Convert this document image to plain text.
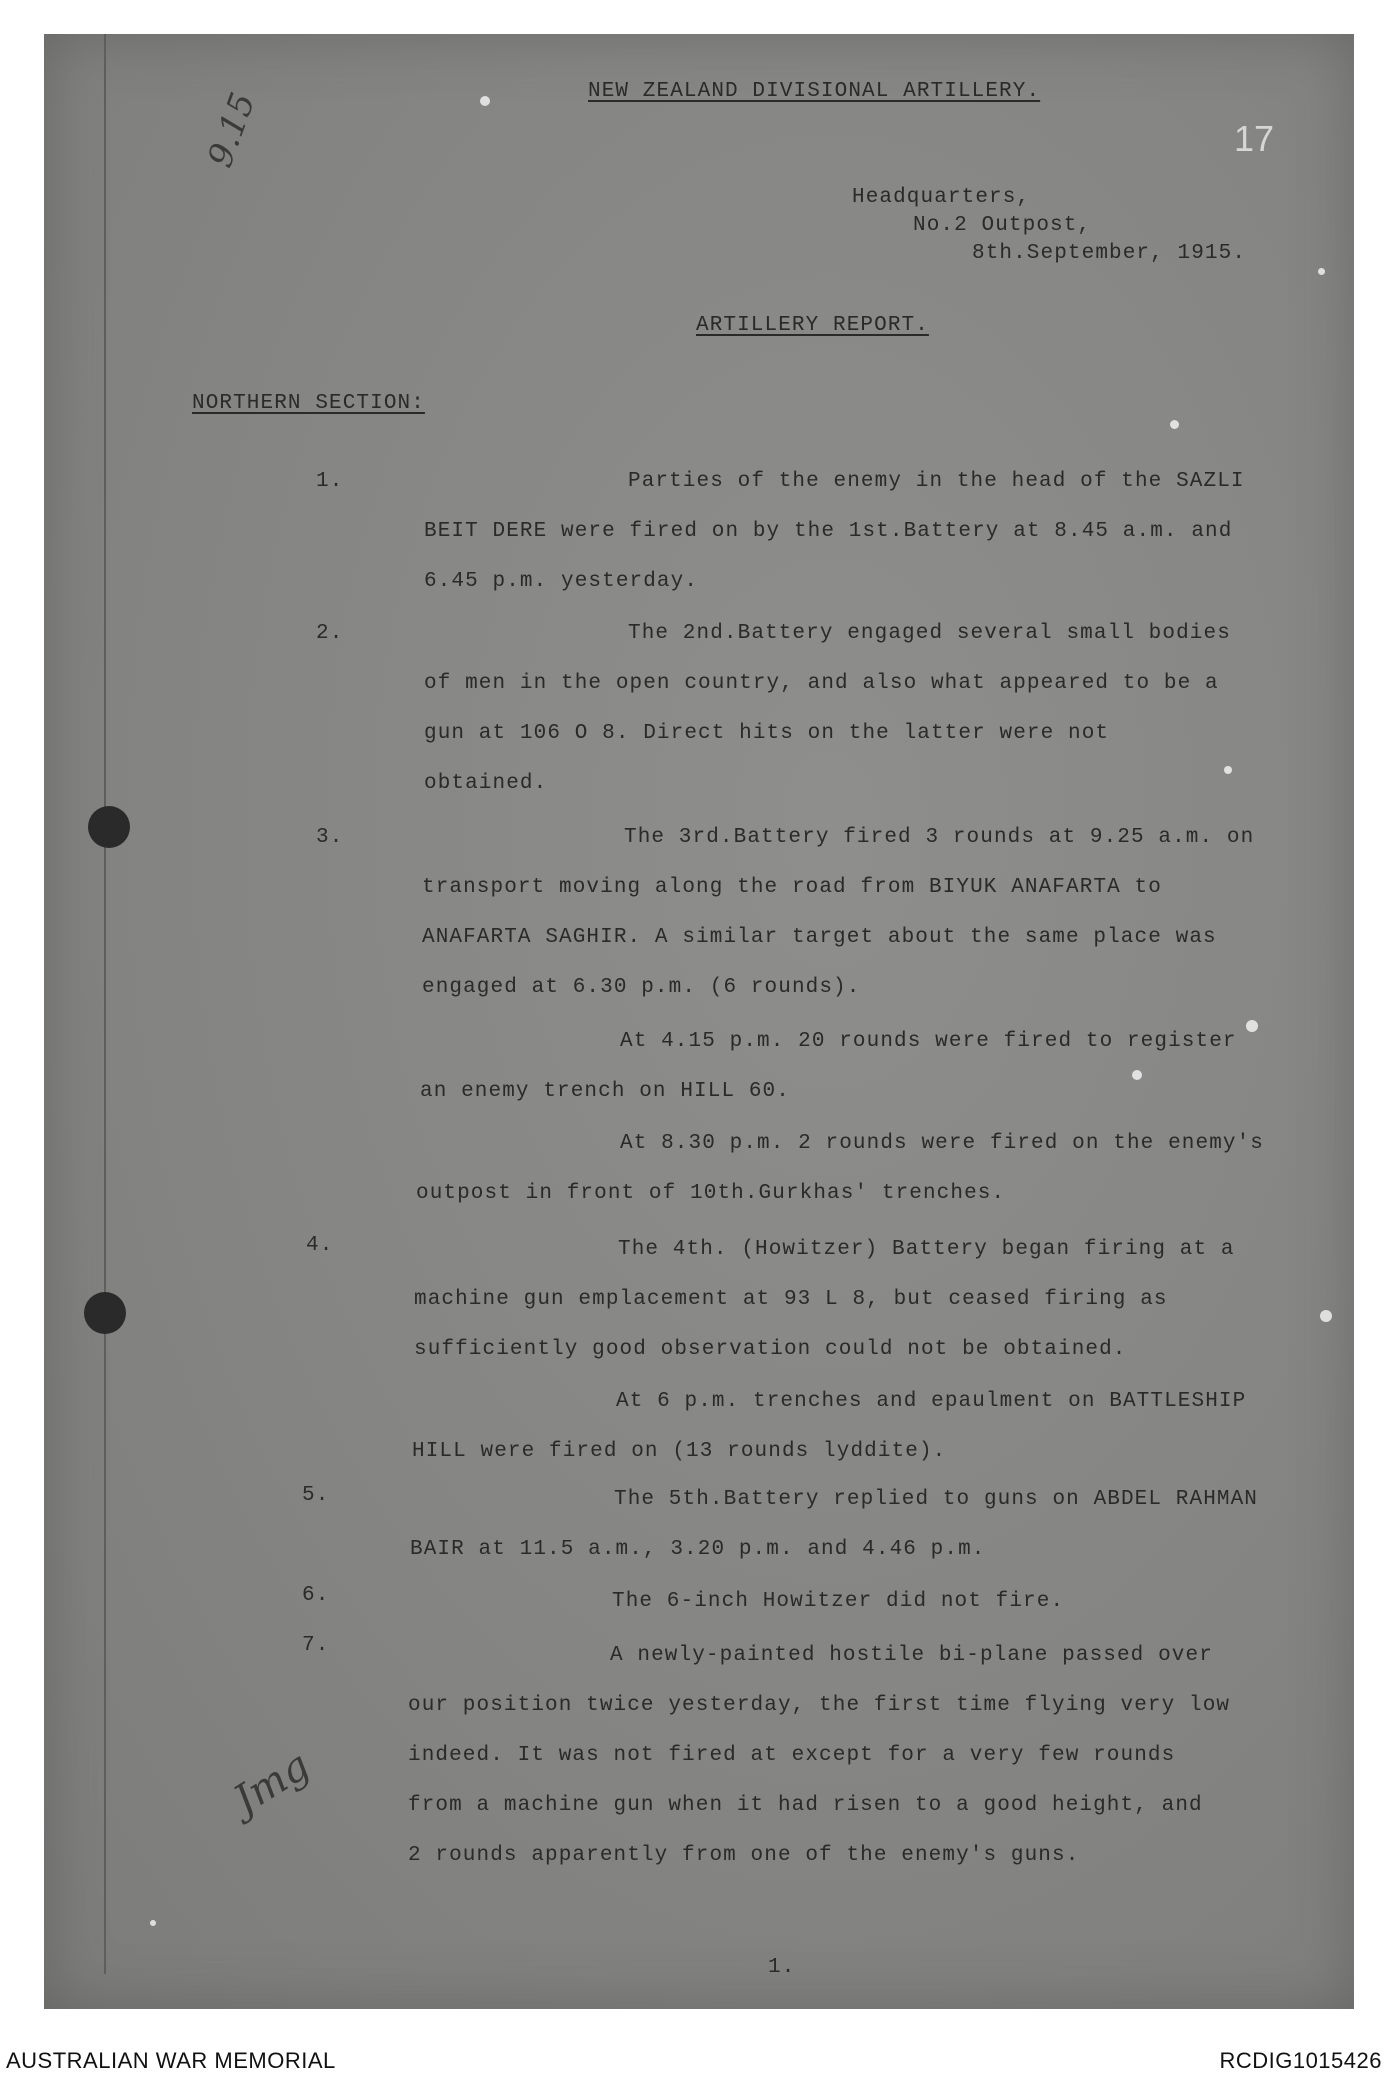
9.15	17
NEW ZEALAND DIVISIONAL ARTILLERY.
Headquarters,
No.2 Outpost,
8th.September, 1915.
ARTILLERY REPORT.
NORTHERN SECTION:
1.	Parties of the enemy in the head of the SAZLI
BEIT DERE were fired on by the 1st.Battery at 8.45 a.m. and
6.45 p.m. yesterday.
2.	The 2nd.Battery engaged several small bodies
of men in the open country, and also what appeared to be a
gun at 106 O 8. Direct hits on the latter were not
obtained.
3.	The 3rd.Battery fired 3 rounds at 9.25 a.m. on
transport moving along the road from BIYUK ANAFARTA to
ANAFARTA SAGHIR. A similar target about the same place was
engaged at 6.30 p.m. (6 rounds).
At 4.15 p.m. 20 rounds were fired to register
an enemy trench on HILL 60.
At 8.30 p.m. 2 rounds were fired on the enemy's
outpost in front of 10th.Gurkhas' trenches.
4.	The 4th. (Howitzer) Battery began firing at a
machine gun emplacement at 93 L 8, but ceased firing as
sufficiently good observation could not be obtained.
At 6 p.m. trenches and epaulment on BATTLESHIP
HILL were fired on (13 rounds lyddite).
5.	The 5th.Battery replied to guns on ABDEL RAHMAN
BAIR at 11.5 a.m., 3.20 p.m. and 4.46 p.m.
6.	The 6-inch Howitzer did not fire.
7.	A newly-painted hostile bi-plane passed over
our position twice yesterday, the first time flying very low
indeed. It was not fired at except for a very few rounds
from a machine gun when it had risen to a good height, and
2 rounds apparently from one of the enemy's guns.
Jmg
1.
AUSTRALIAN WAR MEMORIAL	RCDIG1015426
